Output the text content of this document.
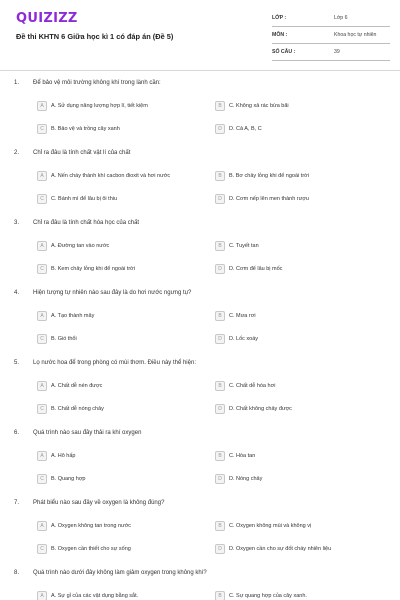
QUIZIZZ
Đề thi KHTN 6 Giữa học kì 1 có đáp án (Đề 5)
LỚP :	Lớp 6
MÔN :	Khoa học tự nhiên
SỐ CÂU :	39
1. Để bảo vệ môi trường không khí trong lành cần:
A	A. Sử dụng năng lượng hợp lí, tiết kiệm	B	C. Không xả rác bừa bãi
C	B. Bảo vệ và trồng cây xanh	D	D. Cả A, B, C
2. Chỉ ra đâu là tính chất vật lí của chất
A	A. Nến cháy thành khí cacbon đioxit và hơi nước	B	B. Bơ chảy lỏng khi để ngoài trời
C	C. Bánh mì để lâu bị ôi thiu	D	D. Cơm nếp lên men thành rượu
3. Chỉ ra đâu là tính chất hóa học của chất
A	A. Đường tan vào nước	B	C. Tuyết tan
C	B. Kem chảy lỏng khi để ngoài trời	D	D. Cơm để lâu bị mốc
4. Hiện tượng tự nhiên nào sau đây là do hơi nước ngưng tụ?
A	A. Tạo thành mây	B	C. Mưa rơi
C	B. Gió thổi	D	D. Lốc xoáy
5. Lọ nước hoa để trong phòng có mùi thơm. Điều này thể hiện:
A	A. Chất dễ nén được	B	C. Chất dễ hóa hơi
C	B. Chất dễ nóng chảy	D	D. Chất không chảy được
6. Quá trình nào sau đây thải ra khí oxygen
A	A. Hô hấp	B	C. Hòa tan
C	B. Quang hợp	D	D. Nóng chảy
7. Phát biểu nào sau đây về oxygen là không đúng?
A	A. Oxygen không tan trong nước	B	C. Oxygen không mùi và không vị
C	B. Oxygen cần thiết cho sự sống	D	D. Oxygen cần cho sự đốt cháy nhiên liệu
8. Quá trình nào dưới đây không làm giảm oxygen trong không khí?
A	A. Sự gỉ của các vật dụng bằng sắt.	B	C. Sự quang hợp của cây xanh.
